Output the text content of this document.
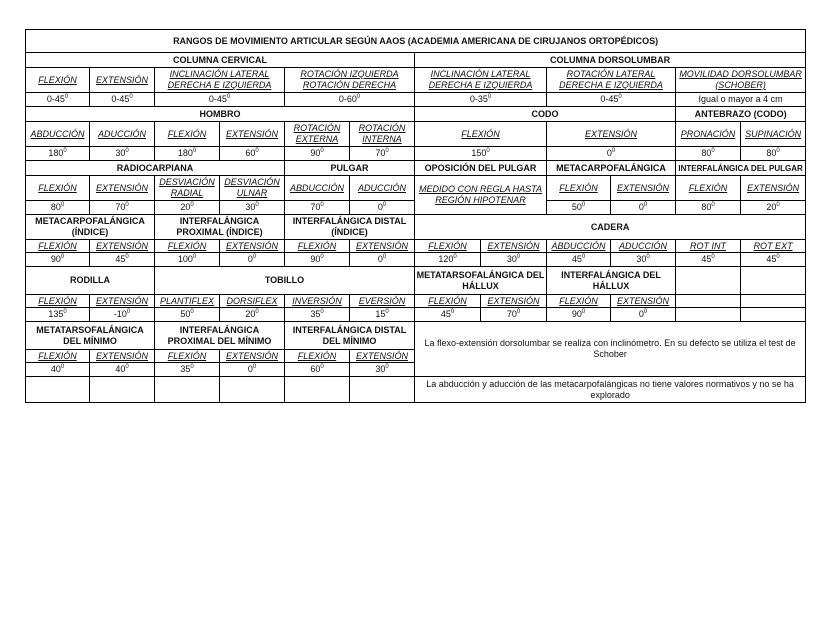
RANGOS DE MOVIMIENTO ARTICULAR SEGÚN AAOS (ACADEMIA AMERICANA DE CIRUJANOS ORTOPÉDICOS)											
COLUMNA CERVICAL						COLUMNA DORSOLUMBAR					
FLEXIÓN	EXTENSIÓN	INCLINACIÓN LATERAL DERECHA E IZQUIERDA		ROTACIÓN IZQUIERDA ROTACIÓN DERECHA		INCLINACIÓN LATERAL DERECHA E IZQUIERDA		ROTACIÓN LATERAL DERECHA E IZQUIERDA		MOVILIDAD DORSOLUMBAR (SCHOBER)	
0-45 0	0-45 0	0-45 0		0-60 0		0-35 0		0-45 0		Igual o mayor a 4 cm	
HOMBRO						CODO				ANTEBRAZO (CODO)	
ABDUCCIÓN	ADUCCIÓN	FLEXIÓN	EXTENSIÓN	ROTACIÓN EXTERNA	ROTACIÓN INTERNA	FLEXIÓN		EXTENSIÓN		PRONACIÓN	SUPINACIÓN
180 0	30 0	180 0	60 0	90 0	70 0	150 0		0 0		80 0	80 0
RADIOCARPIANA				PULGAR		OPOSICIÓN DEL PULGAR		METACARPOFALÁNGICA		INTERFALÁNGICA DEL PULGAR	
FLEXIÓN	EXTENSIÓN	DESVIACIÓN RADIAL	DESVIACIÓN ULNAR	ABDUCCIÓN	ADUCCIÓN	MEDIDO CON REGLA HASTA REGIÓN HIPOTENAR		FLEXIÓN	EXTENSIÓN	FLEXIÓN	EXTENSIÓN
80 0	70 0	20 0	30 0	70 0	0 0			50 0	0 0	80 0	20 0
METACARPOFALÁNGICA (ÍNDICE)		INTERFALÁNGICA PROXIMAL (ÍNDICE)		INTERFALÁNGICA DISTAL (ÍNDICE)		CADERA					
FLEXIÓN	EXTENSIÓN	FLEXIÓN	EXTENSIÓN	FLEXIÓN	EXTENSIÓN	FLEXIÓN	EXTENSIÓN	ABDUCCIÓN	ADUCCIÓN	ROT INT	ROT EXT
90 0	45 0	100 0	0 0	90 0	0 0	120 0	30 0	45 0	30 0	45 0	45 0
RODILLA		TOBILLO				METATARSOFALÁNGICA DEL HÁLLUX		INTERFALÁNGICA DEL HÁLLUX			
FLEXIÓN	EXTENSIÓN	PLANTIFLEX	DORSIFLEX	INVERSIÓN	EVERSIÓN	FLEXIÓN	EXTENSIÓN	FLEXIÓN	EXTENSIÓN		
135 0	-10 0	50 0	20 0	35 0	15 0	45 0	70 0	90 0	0 0		
METATARSOFALÁNGICA DEL MÍNIMO		INTERFALÁNGICA PROXIMAL DEL MÍNIMO		INTERFALÁNGICA DISTAL DEL MÍNIMO		La flexo-extensión dorsolumbar se realiza con inclinómetro. En su defecto se utiliza el test de Schober					
FLEXIÓN	EXTENSIÓN	FLEXIÓN	EXTENSIÓN	FLEXIÓN	EXTENSIÓN						
40 0	40 0	35 0	0 0	60 0	30 0
						La abducción y aducción de las metacarpofalángicas no tiene valores normativos y no se ha explorado					
